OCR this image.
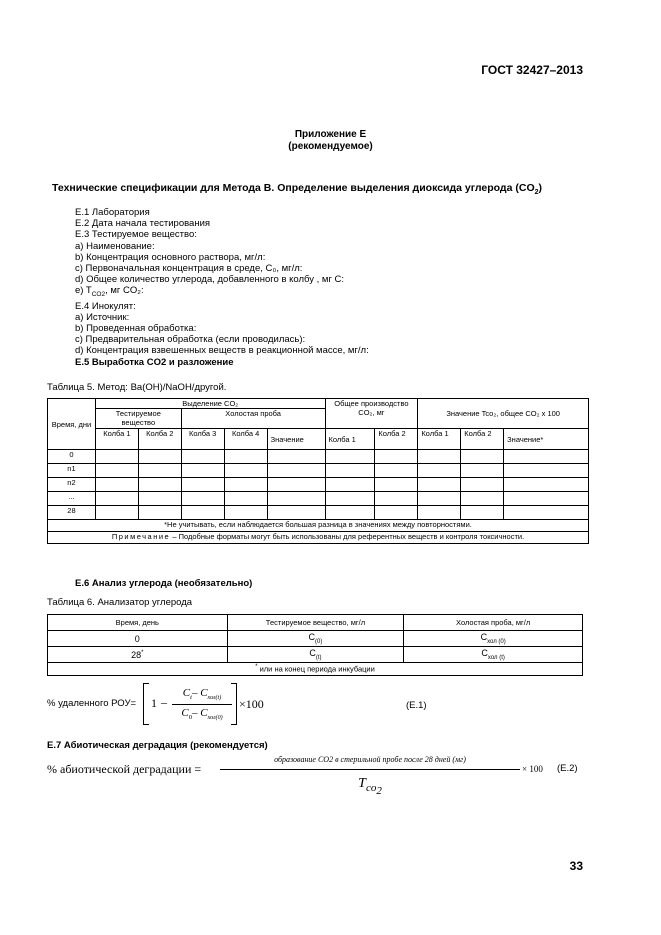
ГОСТ 32427–2013
Приложение Е
(рекомендуемое)
Технические спецификации для Метода В. Определение выделения диоксида углерода $(CO_2)$
Е.1 Лаборатория
Е.2 Дата начала тестирования
Е.3 Тестируемое вещество:
a) Наименование:
b) Концентрация основного раствора, мг/л:
c) Первоначальная концентрация в среде, C₀, мг/л:
d) Общее количество углерода, добавленного в колбу , мг C:
e) $T_{CO2}$, мг CO₂:
Е.4 Инокулят:
a) Источник:
b) Проведенная обработка:
c) Предварительная обработка (если проводилась):
d) Концентрация взвешенных веществ в реакционной массе, мг/л:
Е.5 Выработка CO2 и разложение
Таблица 5. Метод: Ba(OH)/NaOH/другой.
Время, дни	Выделение CO₂					Общее производство CO₂, мг		Значение Tco₂, общее CO₂ x 100		
	Тестируемое вещество		Холостая проба							
	Колба 1	Колба 2	Колба 3	Колба 4	Значение	Колба 1	Колба 2	Колба 1	Колба 2	Значение*
0										
n1										
n2										
...										
28										
*Не учитывать, если наблюдается большая разница в значениях между повторностями.										
Примечание – Подобные форматы могут быть использованы для референтных веществ и контроля токсичности.										
Е.6 Анализ углерода (необязательно)
Таблица 6. Анализатор углерода
Время, день	Тестируемое вещество, мг/л	Холостая проба, мг/л
0	$C_{(0)}$	$C_{хол (0)}$
28*	$C_{(t)}$	$C_{хол (t)}$
* или на конец периода инкубации		
% удаленного РОУ= 1 –
$C_t-$ $C_{хол(t)}$
$C_0-$ $C_{хол(0)}$
×100	(Е.1)
Е.7 Абиотическая деградация (рекомендуется)
% абиотической деградации =
образование CO2 в стерильной пробе после 28 дней (мг)
$T_{co_2}$
× 100 (Е.2)
33
